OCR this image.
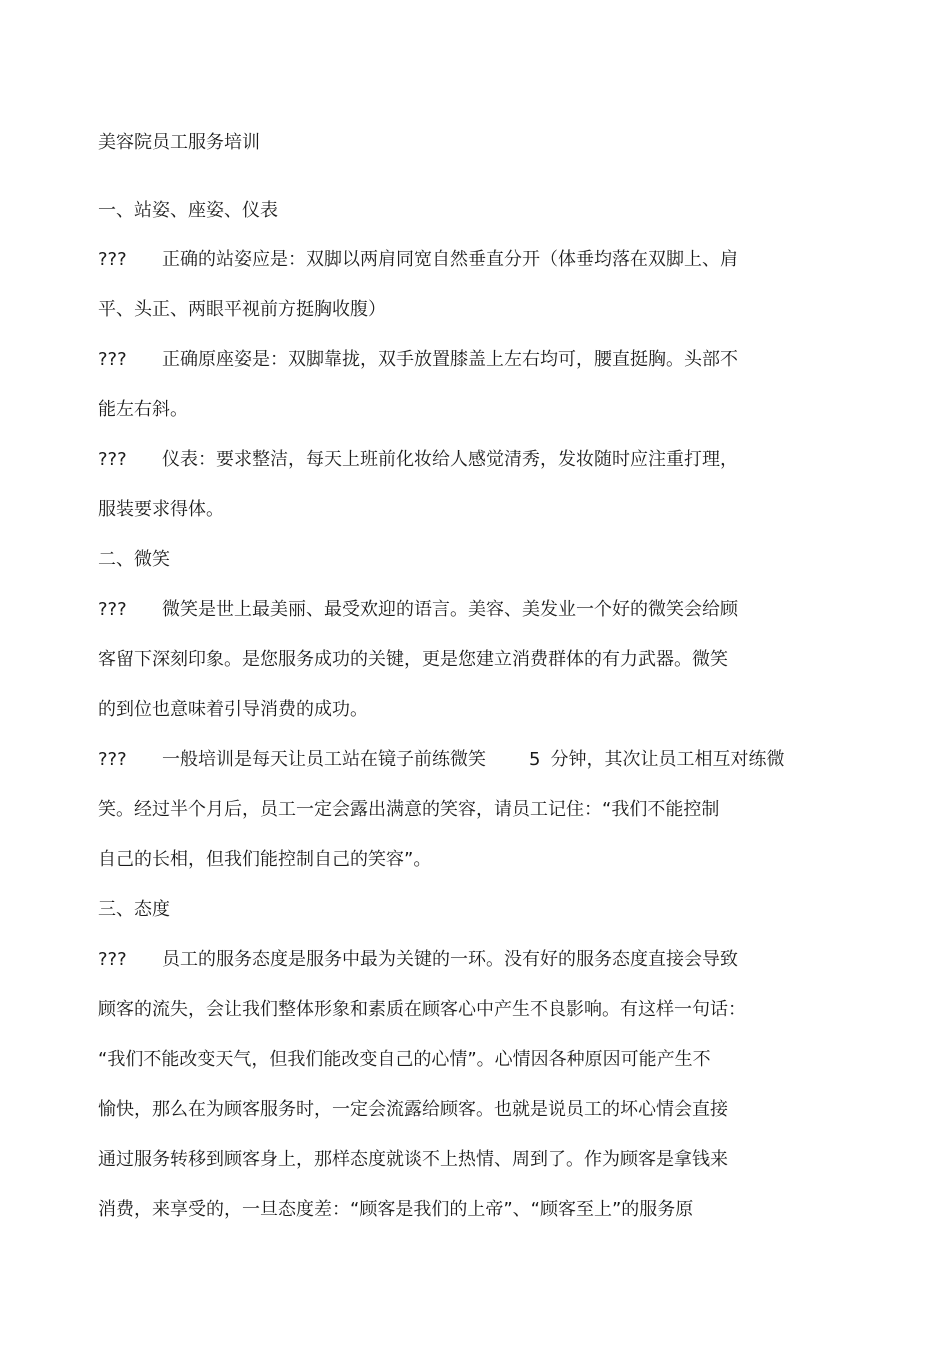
美容院员工服务培训
一、站姿、座姿、仪表
??? 正确的站姿应是：双脚以两肩同宽自然垂直分开（体垂均落在双脚上、肩
平、头正、两眼平视前方挺胸收腹）
??? 正确原座姿是：双脚靠拢，双手放置膝盖上左右均可，腰直挺胸。头部不
能左右斜。
??? 仪表：要求整洁，每天上班前化妆给人感觉清秀，发妆随时应注重打理，
服装要求得体。
二、微笑
??? 微笑是世上最美丽、最受欢迎的语言。美容、美发业一个好的微笑会给顾
客留下深刻印象。是您服务成功的关键，更是您建立消费群体的有力武器。微笑
的到位也意味着引导消费的成功。
??? 一般培训是每天让员工站在镜子前练微笑 5 分钟，其次让员工相互对练微
笑。经过半个月后，员工一定会露出满意的笑容，请员工记住：“我们不能控制
自己的长相，但我们能控制自己的笑容”。
三、态度
??? 员工的服务态度是服务中最为关键的一环。没有好的服务态度直接会导致
顾客的流失，会让我们整体形象和素质在顾客心中产生不良影响。有这样一句话：
“我们不能改变天气，但我们能改变自己的心情”。心情因各种原因可能产生不
愉快，那么在为顾客服务时，一定会流露给顾客。也就是说员工的坏心情会直接
通过服务转移到顾客身上，那样态度就谈不上热情、周到了。作为顾客是拿钱来
消费，来享受的，一旦态度差：“顾客是我们的上帝”、“顾客至上”的服务原
